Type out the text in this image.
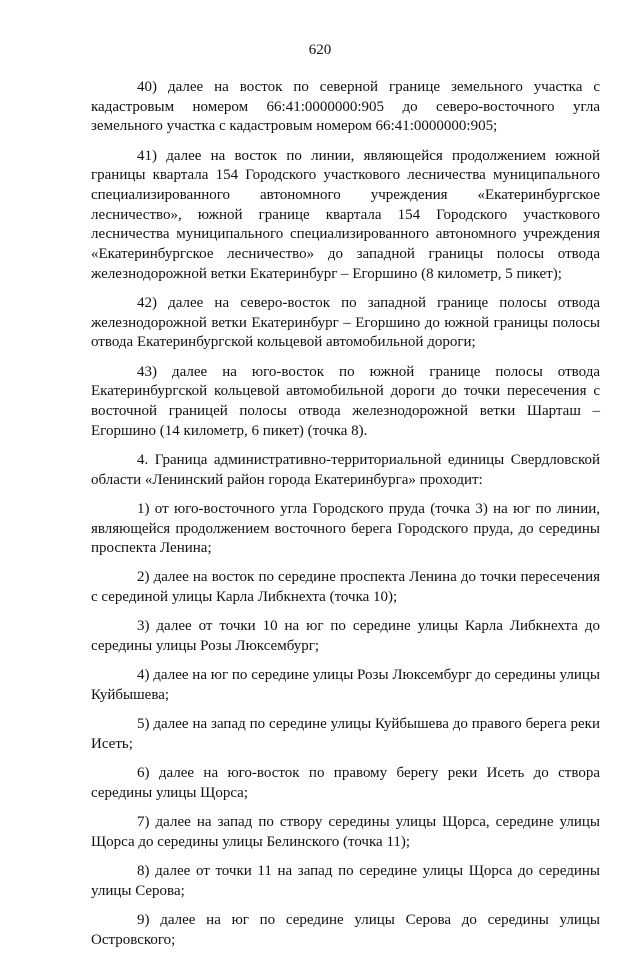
620

40) далее на восток по северной границе земельного участка с кадастровым номером 66:41:0000000:905 до северо-восточного угла земельного участка с кадастровым номером 66:41:0000000:905;

41) далее на восток по линии, являющейся продолжением южной границы квартала 154 Городского участкового лесничества муниципального специализированного автономного учреждения «Екатеринбургское лесничество», южной границе квартала 154 Городского участкового лесничества муниципального специализированного автономного учреждения «Екатеринбургское лесничество» до западной границы полосы отвода железнодорожной ветки Екатеринбург – Егоршино (8 километр, 5 пикет);

42) далее на северо-восток по западной границе полосы отвода железнодорожной ветки Екатеринбург – Егоршино до южной границы полосы отвода Екатеринбургской кольцевой автомобильной дороги;

43) далее на юго-восток по южной границе полосы отвода Екатеринбургской кольцевой автомобильной дороги до точки пересечения с восточной границей полосы отвода железнодорожной ветки Шарташ – Егоршино (14 километр, 6 пикет) (точка 8).

4. Граница административно-территориальной единицы Свердловской области «Ленинский район города Екатеринбурга» проходит:

1) от юго-восточного угла Городского пруда (точка 3) на юг по линии, являющейся продолжением восточного берега Городского пруда, до середины проспекта Ленина;

2) далее на восток по середине проспекта Ленина до точки пересечения с серединой улицы Карла Либкнехта (точка 10);

3) далее от точки 10 на юг по середине улицы Карла Либкнехта до середины улицы Розы Люксембург;

4) далее на юг по середине улицы Розы Люксембург до середины улицы Куйбышева;

5) далее на запад по середине улицы Куйбышева до правого берега реки Исеть;

6) далее на юго-восток по правому берегу реки Исеть до створа середины улицы Щорса;

7) далее на запад по створу середины улицы Щорса, середине улицы Щорса до середины улицы Белинского (точка 11);

8) далее от точки 11 на запад по середине улицы Щорса до середины улицы Серова;

9) далее на юг по середине улицы Серова до середины улицы Островского;
